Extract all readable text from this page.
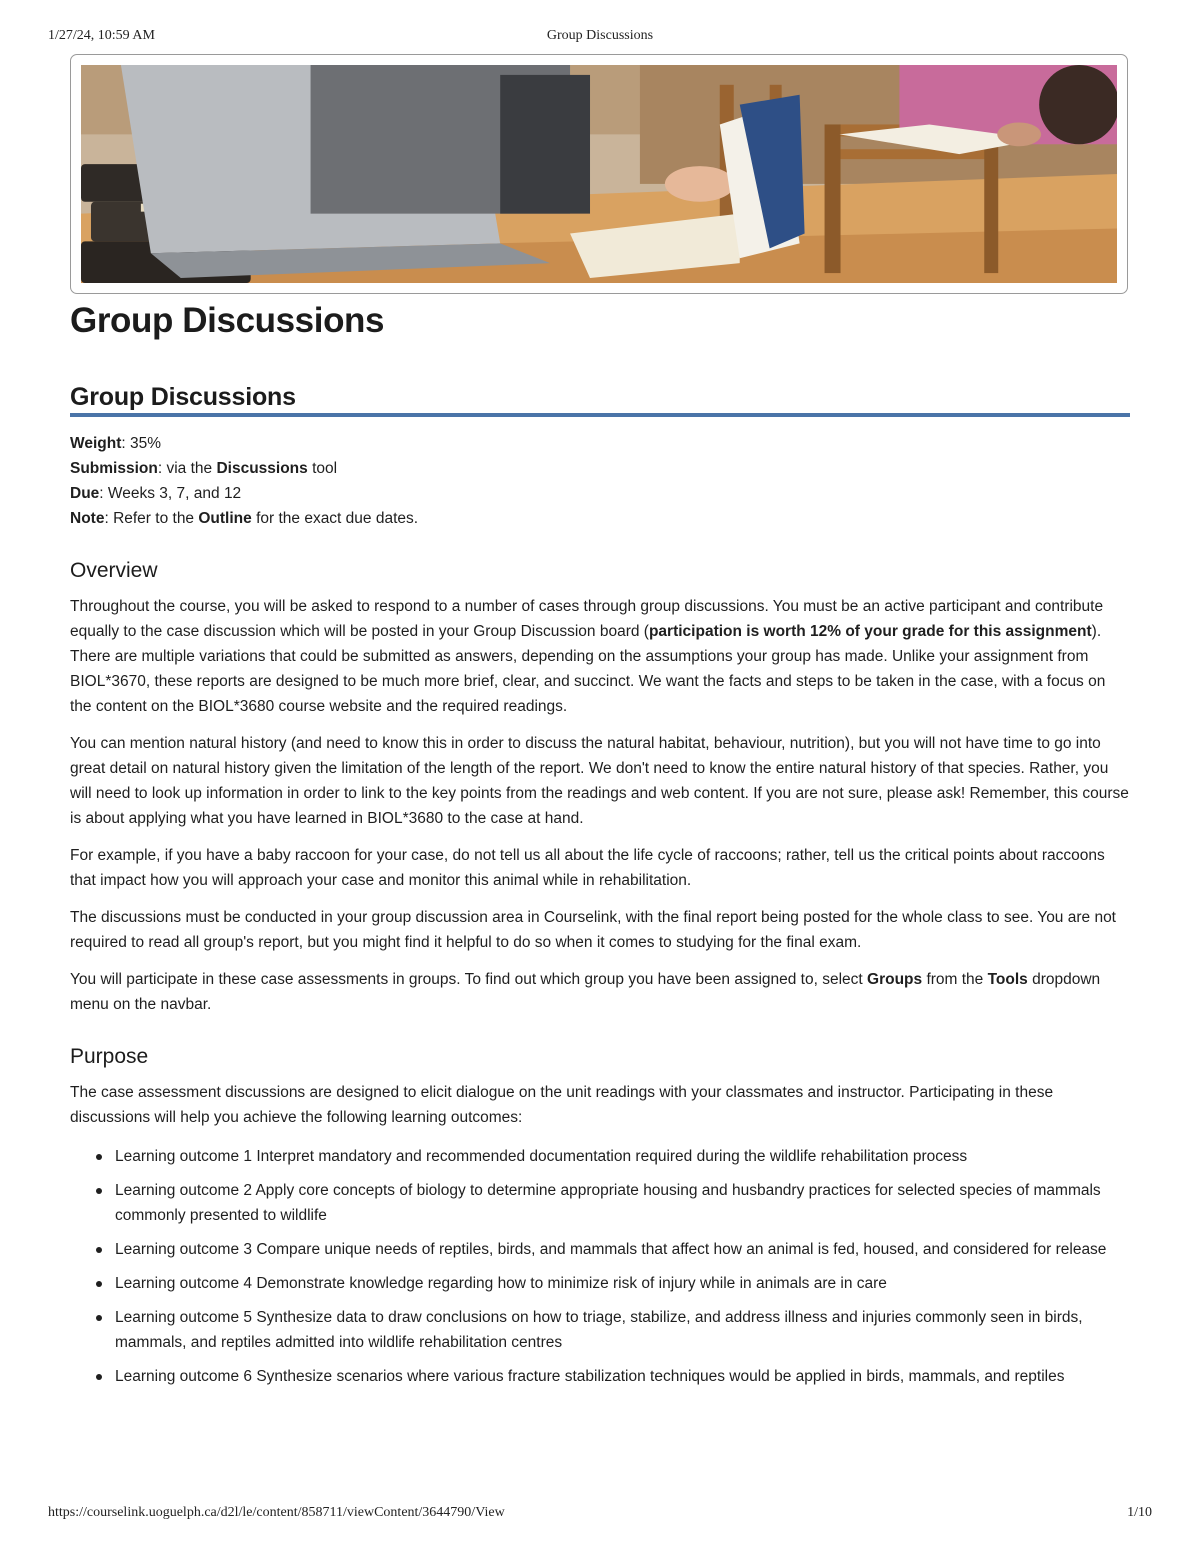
1/27/24, 10:59 AM	Group Discussions
Group Discussions
Group Discussions
Weight: 35%
Submission: via the Discussions tool
Due: Weeks 3, 7, and 12
Note: Refer to the Outline for the exact due dates.
Overview

Throughout the course, you will be asked to respond to a number of cases through group discussions. You must be an active participant and contribute equally to the case discussion which will be posted in your Group Discussion board (participation is worth 12% of your grade for this assignment). There are multiple variations that could be submitted as answers, depending on the assumptions your group has made. Unlike your assignment from BIOL*3670, these reports are designed to be much more brief, clear, and succinct. We want the facts and steps to be taken in the case, with a focus on the content on the BIOL*3680 course website and the required readings.

You can mention natural history (and need to know this in order to discuss the natural habitat, behaviour, nutrition), but you will not have time to go into great detail on natural history given the limitation of the length of the report. We don't need to know the entire natural history of that species. Rather, you will need to look up information in order to link to the key points from the readings and web content. If you are not sure, please ask! Remember, this course is about applying what you have learned in BIOL*3680 to the case at hand.

For example, if you have a baby raccoon for your case, do not tell us all about the life cycle of raccoons; rather, tell us the critical points about raccoons that impact how you will approach your case and monitor this animal while in rehabilitation.

The discussions must be conducted in your group discussion area in Courselink, with the final report being posted for the whole class to see. You are not required to read all group's report, but you might find it helpful to do so when it comes to studying for the final exam.

You will participate in these case assessments in groups. To find out which group you have been assigned to, select Groups from the Tools dropdown menu on the navbar.

Purpose

The case assessment discussions are designed to elicit dialogue on the unit readings with your classmates and instructor. Participating in these discussions will help you achieve the following learning outcomes:

Learning outcome 1 Interpret mandatory and recommended documentation required during the wildlife rehabilitation process
Learning outcome 2 Apply core concepts of biology to determine appropriate housing and husbandry practices for selected species of mammals commonly presented to wildlife
Learning outcome 3 Compare unique needs of reptiles, birds, and mammals that affect how an animal is fed, housed, and considered for release
Learning outcome 4 Demonstrate knowledge regarding how to minimize risk of injury while in animals are in care
Learning outcome 5 Synthesize data to draw conclusions on how to triage, stabilize, and address illness and injuries commonly seen in birds, mammals, and reptiles admitted into wildlife rehabilitation centres
Learning outcome 6 Synthesize scenarios where various fracture stabilization techniques would be applied in birds, mammals, and reptiles
https://courselink.uoguelph.ca/d2l/le/content/858711/viewContent/3644790/View	1/10
